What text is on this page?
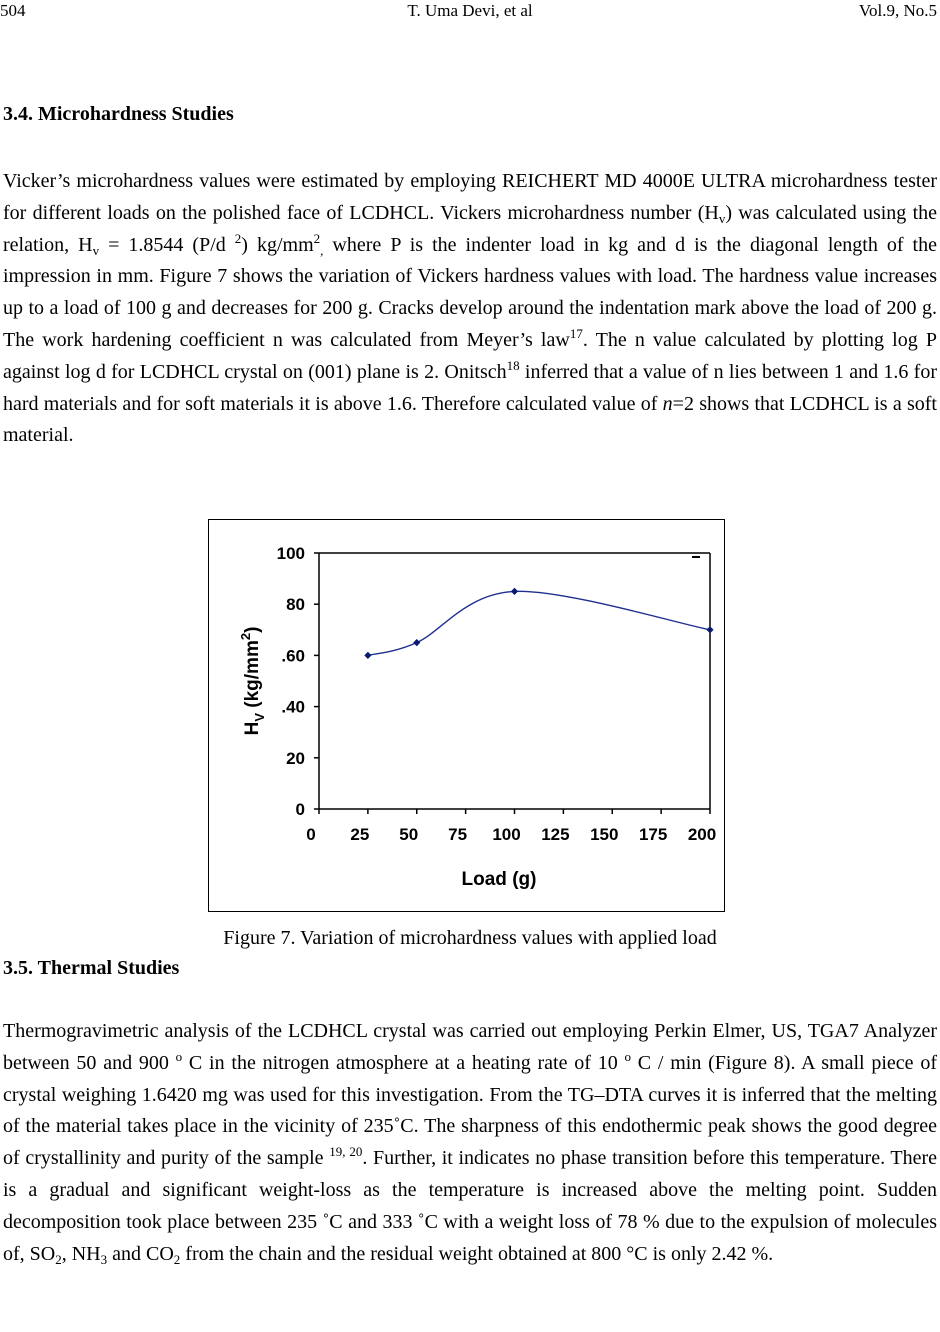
504	T. Uma Devi, et al	Vol.9, No.5
3.4. Microhardness Studies

Vicker’s microhardness values were estimated by employing REICHERT MD 4000E ULTRA microhardness tester for different loads on the polished face of LCDHCL. Vickers microhardness number $(H_v)$ was calculated using the relation, $H_v = 1.8544$ (P/d $^2$) $kg/mm^2_,$ where P is the indenter load in kg and d is the diagonal length of the impression in mm. Figure 7 shows the variation of Vickers hardness values with load. The hardness value increases up to a load of 100 g and decreases for 200 g. Cracks develop around the indentation mark above the load of 200 g. The work hardening coefficient n was calculated from Meyer’s law$^{17}$. The n value calculated by plotting log P against log d for LCDHCL crystal on (001) plane is 2. Onitsch$^{18}$ inferred that a value of n lies between 1 and 1.6 for hard materials and for soft materials it is above 1.6. Therefore calculated value of n=2 shows that LCDHCL is a soft material.

0
20
.40
.60
80
100
0 25 50 75 100 125 150 175 200
Load (g)
$H_V$ $(kg/mm^2)$

Figure 7. Variation of microhardness values with applied load

3.5. Thermal Studies

Thermogravimetric analysis of the LCDHCL crystal was carried out employing Perkin Elmer, US, TGA7 Analyzer between 50 and 900 $^o$ C in the nitrogen atmosphere at a heating rate of 10 $^o$ C / min (Figure 8). A small piece of crystal weighing 1.6420 mg was used for this investigation. From the TG–DTA curves it is inferred that the melting of the material takes place in the vicinity of 235˚C. The sharpness of this endothermic peak shows the good degree of crystallinity and purity of the sample $^{19, 20}$. Further, it indicates no phase transition before this temperature. There is a gradual and significant weight-loss as the temperature is increased above the melting point. Sudden decomposition took place between 235 ˚C and 333 ˚C with a weight loss of 78 % due to the expulsion of molecules of, $SO_2$, $NH_3$ and $CO_2$ from the chain and the residual weight obtained at 800 °C is only 2.42 %.
